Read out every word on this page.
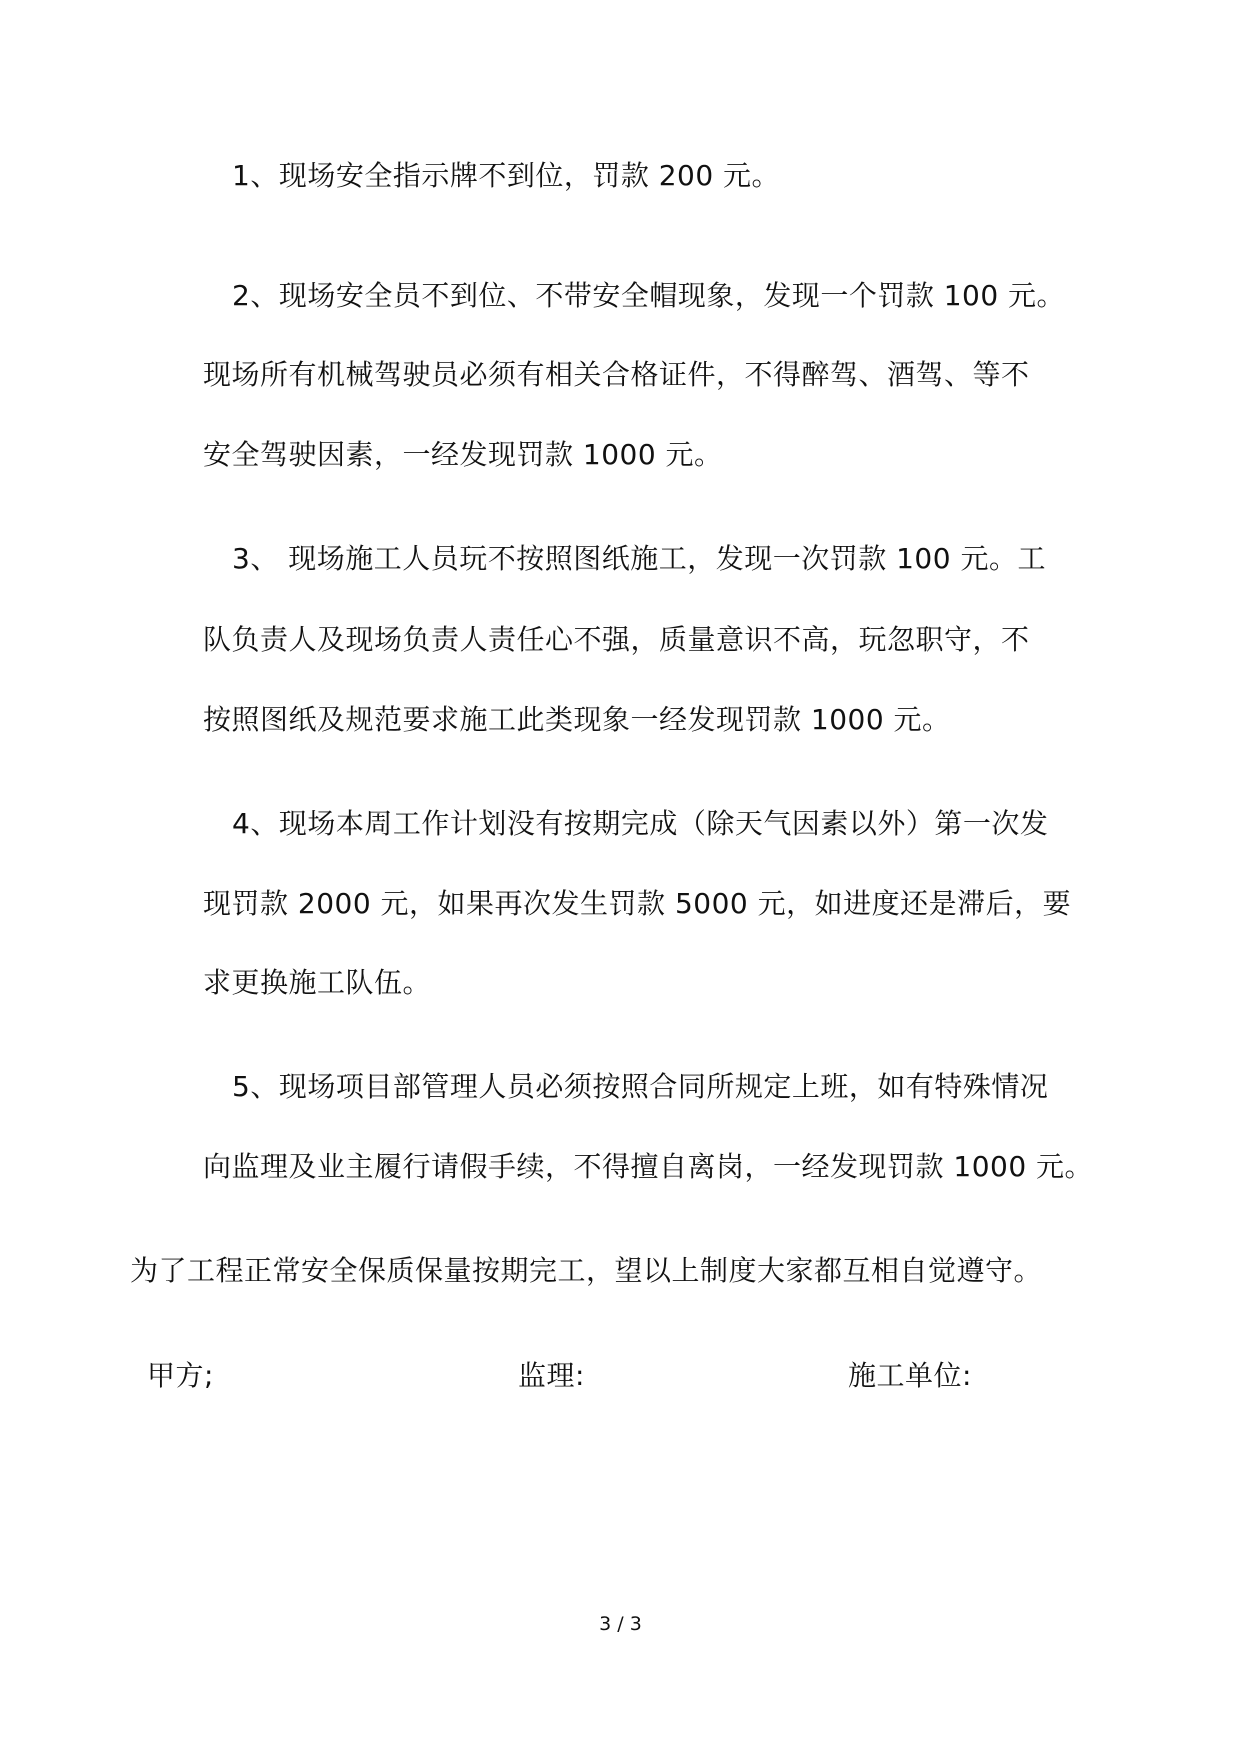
1、现场安全指示牌不到位，罚款 200 元。
2、现场安全员不到位、不带安全帽现象，发现一个罚款 100 元。
现场所有机械驾驶员必须有相关合格证件，不得醉驾、酒驾、等不
安全驾驶因素，一经发现罚款 1000 元。
3、 现场施工人员玩不按照图纸施工，发现一次罚款 100 元。工
队负责人及现场负责人责任心不强，质量意识不高，玩忽职守，不
按照图纸及规范要求施工此类现象一经发现罚款 1000 元。
4、现场本周工作计划没有按期完成（除天气因素以外）第一次发
现罚款 2000 元，如果再次发生罚款 5000 元，如进度还是滞后，要
求更换施工队伍。
5、现场项目部管理人员必须按照合同所规定上班，如有特殊情况
向监理及业主履行请假手续，不得擅自离岗，一经发现罚款 1000 元。
为了工程正常安全保质保量按期完工，望以上制度大家都互相自觉遵守。
甲方;	监理:	施工单位:
3 / 3
